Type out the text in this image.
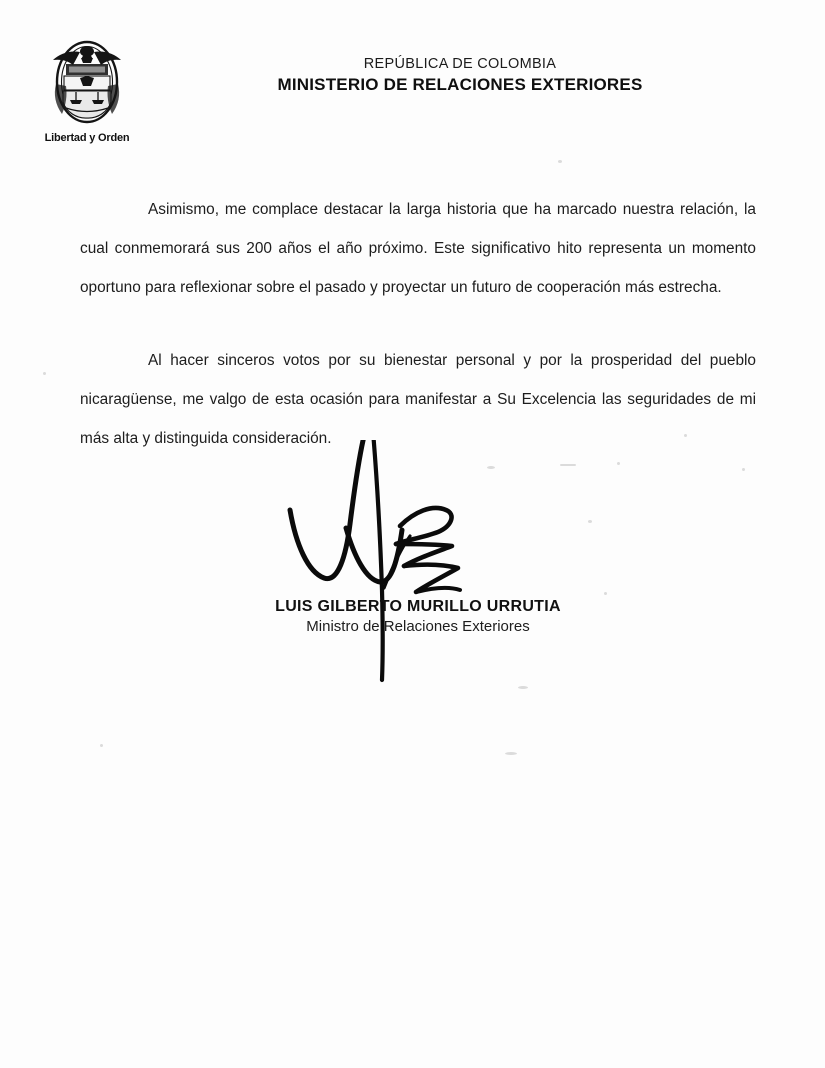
Libertad y Orden
REPÚBLICA DE COLOMBIA
MINISTERIO DE RELACIONES EXTERIORES

Asimismo, me complace destacar la larga historia que ha marcado nuestra relación, la cual conmemorará sus 200 años el año próximo. Este significativo hito representa un momento oportuno para reflexionar sobre el pasado y proyectar un futuro de cooperación más estrecha.

Al hacer sinceros votos por su bienestar personal y por la prosperidad del pueblo nicaragüense, me valgo de esta ocasión para manifestar a Su Excelencia las seguridades de mi más alta y distinguida consideración.

LUIS GILBERTO MURILLO URRUTIA
Ministro de Relaciones Exteriores
